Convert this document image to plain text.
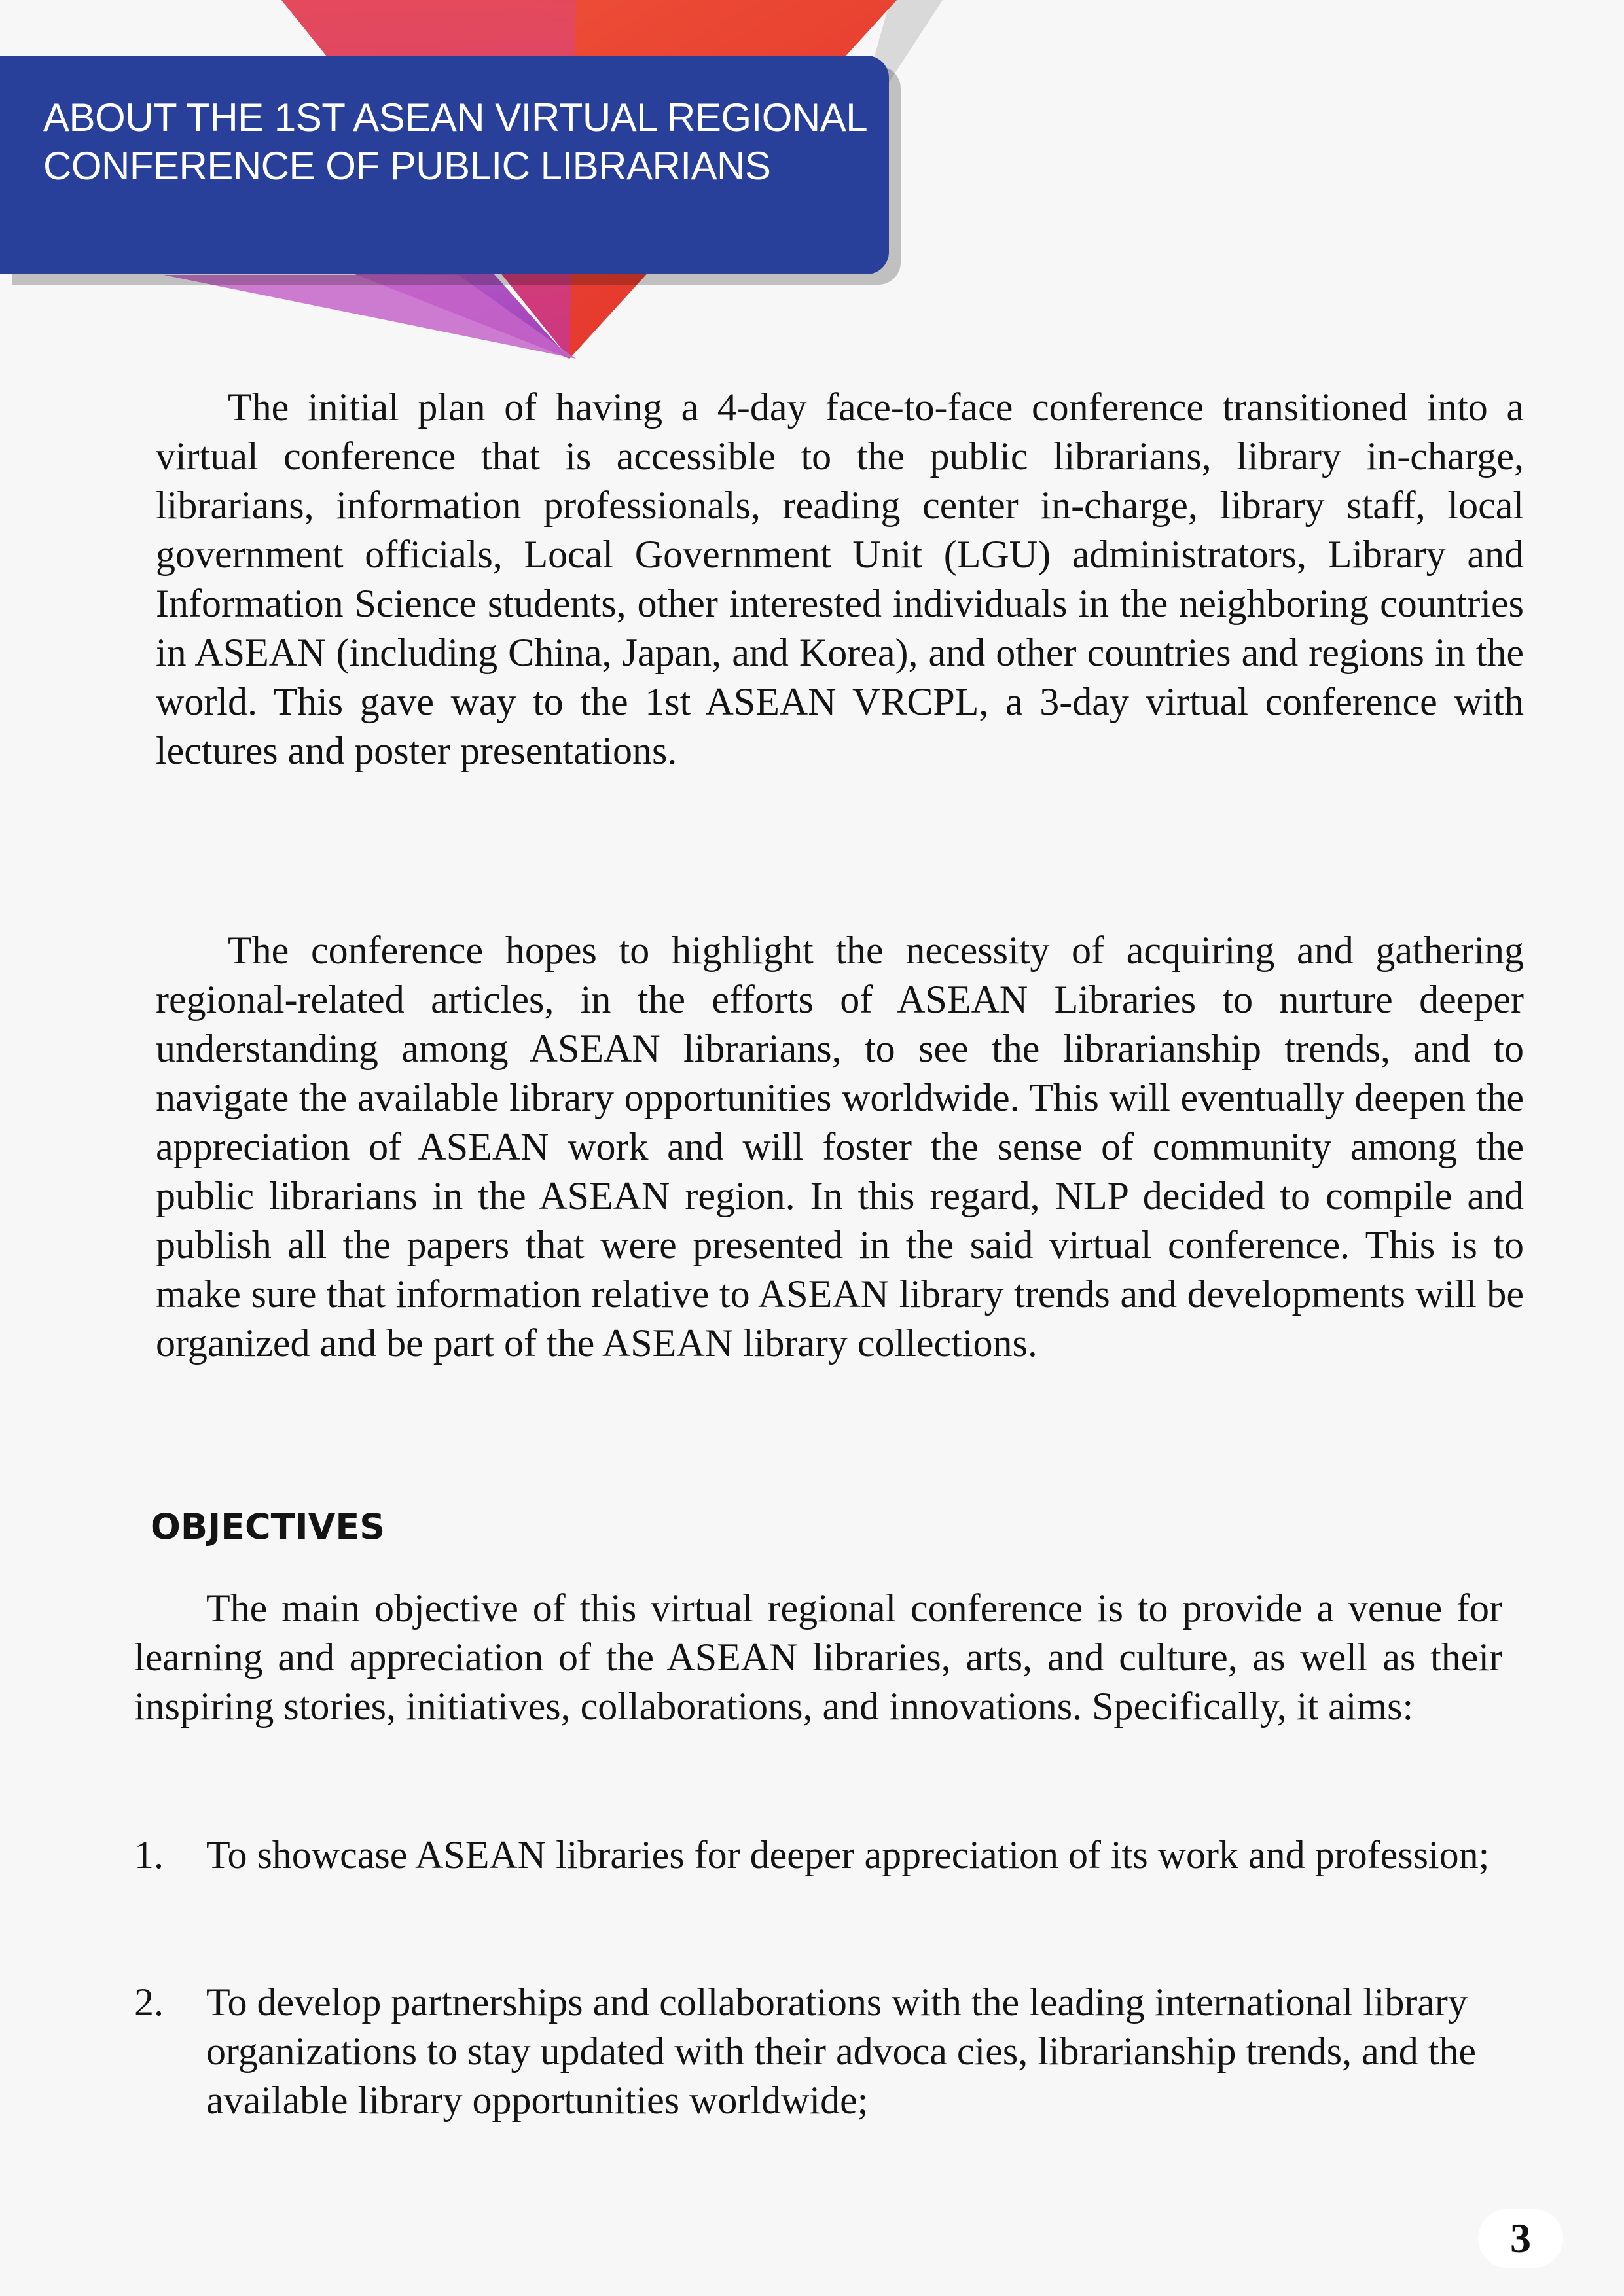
ABOUT THE 1ST ASEAN VIRTUAL REGIONAL CONFERENCE OF PUBLIC LIBRARIANS

The initial plan of having a 4-day face-to-face conference transitioned into a virtual conference that is accessible to the public librarians, library in-charge, librarians, information professionals, reading center in-charge, library staff, local government officials, Local Government Unit (LGU) administrators, Library and Information Science students, other interested individuals in the neighboring countries in ASEAN (including China, Japan, and Korea), and other countries and regions in the world. This gave way to the 1st ASEAN VRCPL, a 3-day virtual conference with lectures and poster presentations.

The conference hopes to highlight the necessity of acquiring and gathering regional-related articles, in the efforts of ASEAN Libraries to nurture deeper understanding among ASEAN librarians, to see the librarianship trends, and to navigate the available library opportunities worldwide. This will eventually deepen the appreciation of ASEAN work and will foster the sense of community among the public librarians in the ASEAN region. In this regard, NLP decided to compile and publish all the papers that were presented in the said virtual conference. This is to make sure that information relative to ASEAN library trends and developments will be organized and be part of the ASEAN library collections.

OBJECTIVES

The main objective of this virtual regional conference is to provide a venue for learning and appreciation of the ASEAN libraries, arts, and culture, as well as their inspiring stories, initiatives, collaborations, and innovations. Specifically, it aims:

1. To showcase ASEAN libraries for deeper appreciation of its work and profession;
2. To develop partnerships and collaborations with the leading international library organizations to stay updated with their advoca cies, librarianship trends, and the available library opportunities worldwide;
3
